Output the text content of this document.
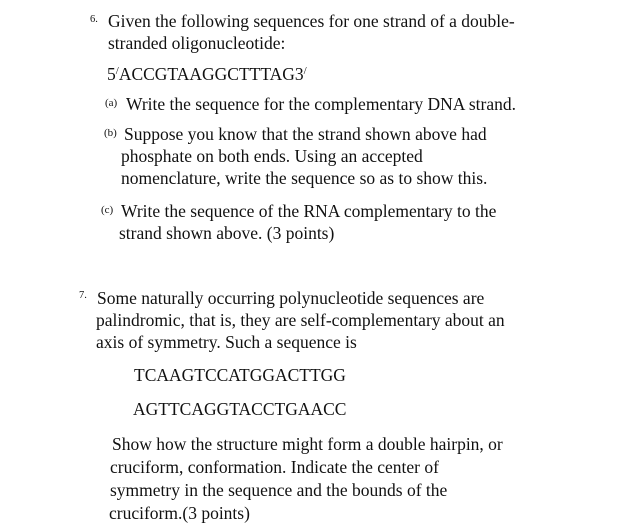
6. Given the following sequences for one strand of a double-
stranded oligonucleotide:
5/ACCGTAAGGCTTTAG3/
(a) Write the sequence for the complementary DNA strand.
(b) Suppose you know that the strand shown above had
phosphate on both ends. Using an accepted
nomenclature, write the sequence so as to show this.
(c) Write the sequence of the RNA complementary to the
strand shown above. (3 points)
7. Some naturally occurring polynucleotide sequences are
palindromic, that is, they are self-complementary about an
axis of symmetry. Such a sequence is
TCAAGTCCATGGACTTGG
AGTTCAGGTACCTGAACC
Show how the structure might form a double hairpin, or
cruciform, conformation. Indicate the center of
symmetry in the sequence and the bounds of the
cruciform.(3 points)
